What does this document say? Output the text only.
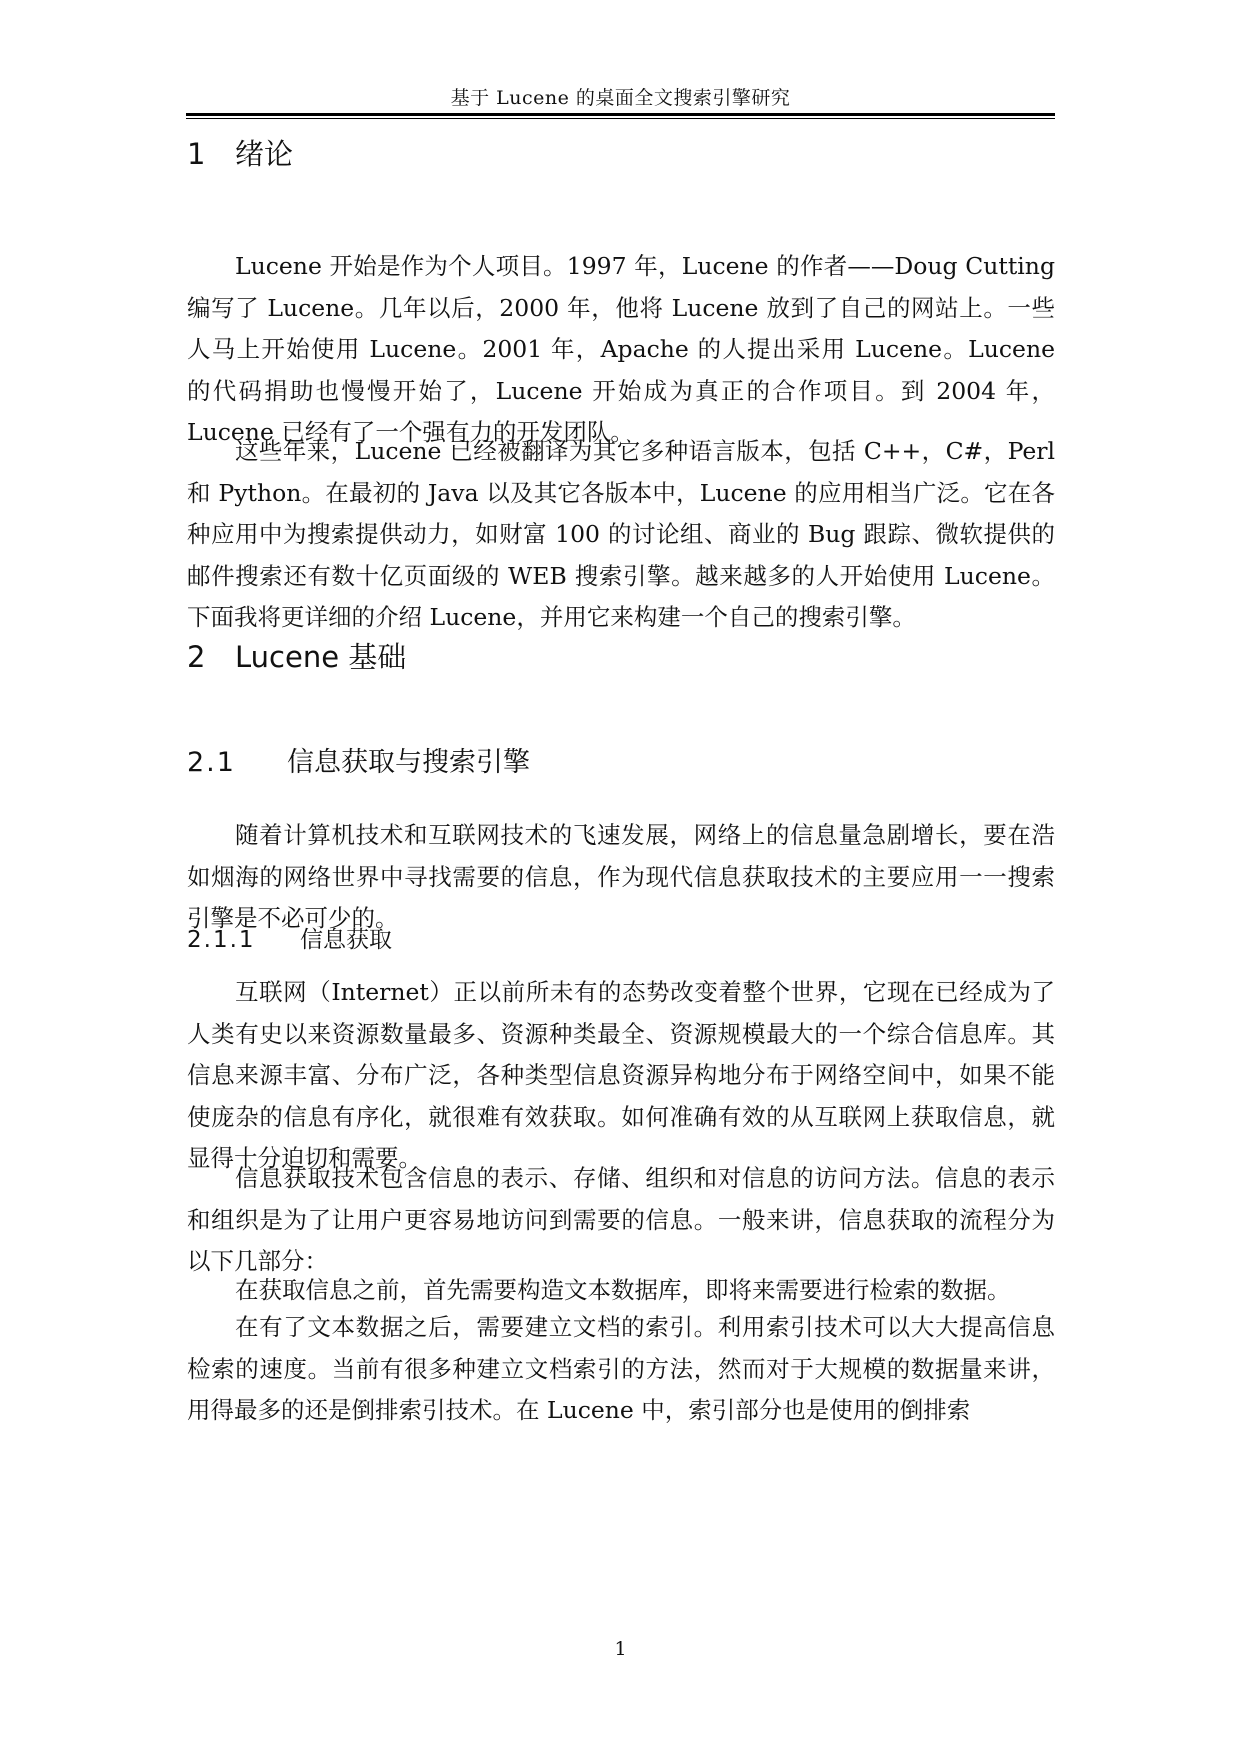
基于 Lucene 的桌面全文搜索引擎研究
1 绪论

Lucene 开始是作为个人项目。1997 年，Lucene 的作者——Doug Cutting 编写了 Lucene。几年以后，2000 年，他将 Lucene 放到了自己的网站上。一些人马上开始使用 Lucene。2001 年，Apache 的人提出采用 Lucene。Lucene 的代码捐助也慢慢开始了，Lucene 开始成为真正的合作项目。到 2004 年，Lucene 已经有了一个强有力的开发团队。

这些年来，Lucene 已经被翻译为其它多种语言版本，包括 C++，C#，Perl 和 Python。在最初的 Java 以及其它各版本中，Lucene 的应用相当广泛。它在各种应用中为搜索提供动力，如财富 100 的讨论组、商业的 Bug 跟踪、微软提供的邮件搜索还有数十亿页面级的 WEB 搜索引擎。越来越多的人开始使用 Lucene。下面我将更详细的介绍 Lucene，并用它来构建一个自己的搜索引擎。

2 Lucene 基础
2.1 信息获取与搜索引擎

随着计算机技术和互联网技术的飞速发展，网络上的信息量急剧增长，要在浩如烟海的网络世界中寻找需要的信息，作为现代信息获取技术的主要应用一一搜索引擎是不必可少的。

2.1.1 信息获取

互联网（Internet）正以前所未有的态势改变着整个世界，它现在已经成为了人类有史以来资源数量最多、资源种类最全、资源规模最大的一个综合信息库。其信息来源丰富、分布广泛，各种类型信息资源异构地分布于网络空间中，如果不能使庞杂的信息有序化，就很难有效获取。如何准确有效的从互联网上获取信息，就显得十分迫切和需要。

信息获取技术包含信息的表示、存储、组织和对信息的访问方法。信息的表示和组织是为了让用户更容易地访问到需要的信息。一般来讲，信息获取的流程分为以下几部分：

在获取信息之前，首先需要构造文本数据库，即将来需要进行检索的数据。

在有了文本数据之后，需要建立文档的索引。利用索引技术可以大大提高信息检索的速度。当前有很多种建立文档索引的方法，然而对于大规模的数据量来讲，用得最多的还是倒排索引技术。在 Lucene 中，索引部分也是使用的倒排索

1
